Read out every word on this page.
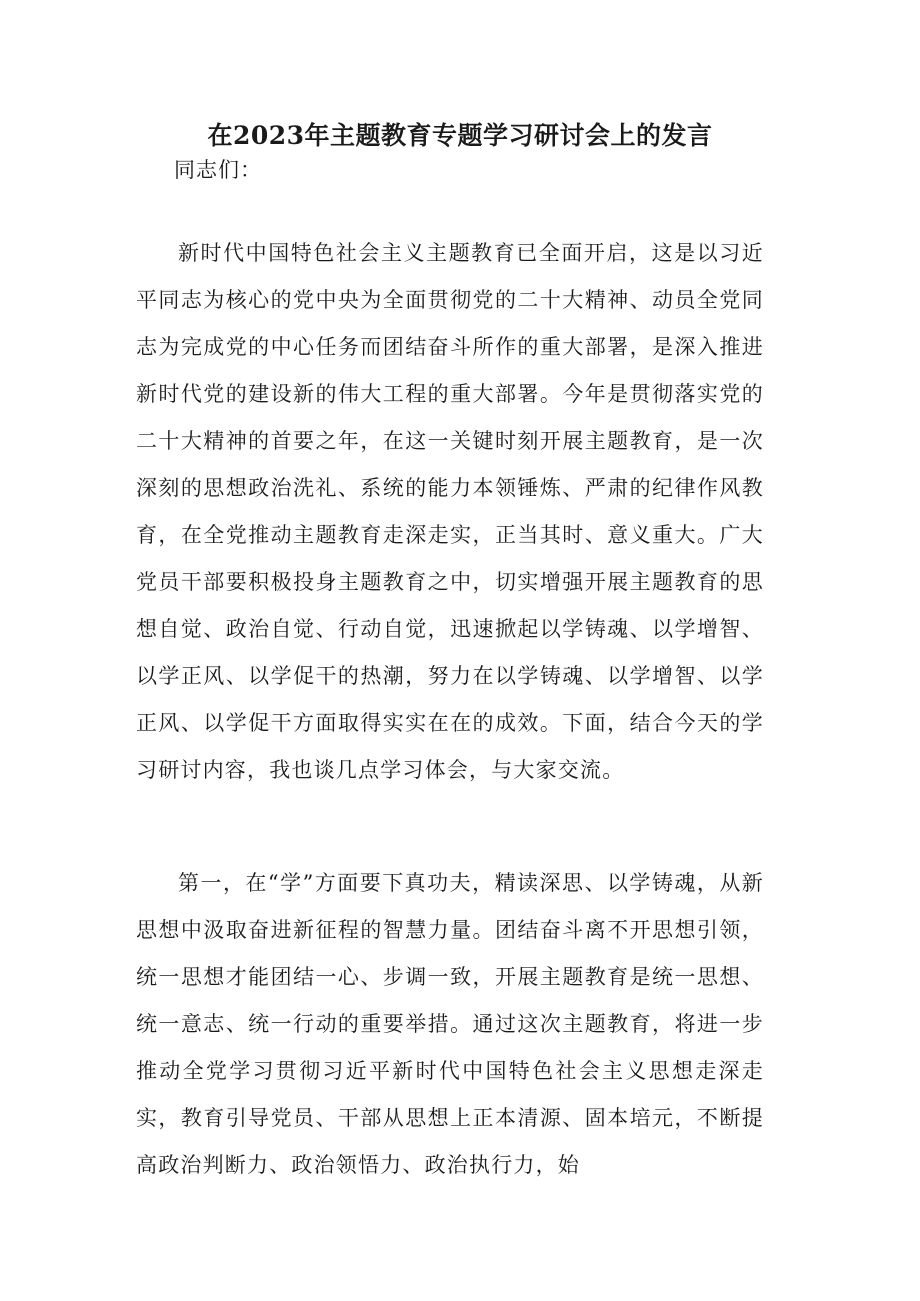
在2023年主题教育专题学习研讨会上的发言

同志们：

新时代中国特色社会主义主题教育已全面开启，这是以习近平同志为核心的党中央为全面贯彻党的二十大精神、动员全党同志为完成党的中心任务而团结奋斗所作的重大部署，是深入推进新时代党的建设新的伟大工程的重大部署。今年是贯彻落实党的二十大精神的首要之年，在这一关键时刻开展主题教育，是一次深刻的思想政治洗礼、系统的能力本领锤炼、严肃的纪律作风教育，在全党推动主题教育走深走实，正当其时、意义重大。广大党员干部要积极投身主题教育之中，切实增强开展主题教育的思想自觉、政治自觉、行动自觉，迅速掀起以学铸魂、以学增智、以学正风、以学促干的热潮，努力在以学铸魂、以学增智、以学正风、以学促干方面取得实实在在的成效。下面，结合今天的学习研讨内容，我也谈几点学习体会，与大家交流。

第一，在“学”方面要下真功夫，精读深思、以学铸魂，从新思想中汲取奋进新征程的智慧力量。团结奋斗离不开思想引领，统一思想才能团结一心、步调一致，开展主题教育是统一思想、统一意志、统一行动的重要举措。通过这次主题教育，将进一步推动全党学习贯彻习近平新时代中国特色社会主义思想走深走实，教育引导党员、干部从思想上正本清源、固本培元，不断提高政治判断力、政治领悟力、政治执行力，始
